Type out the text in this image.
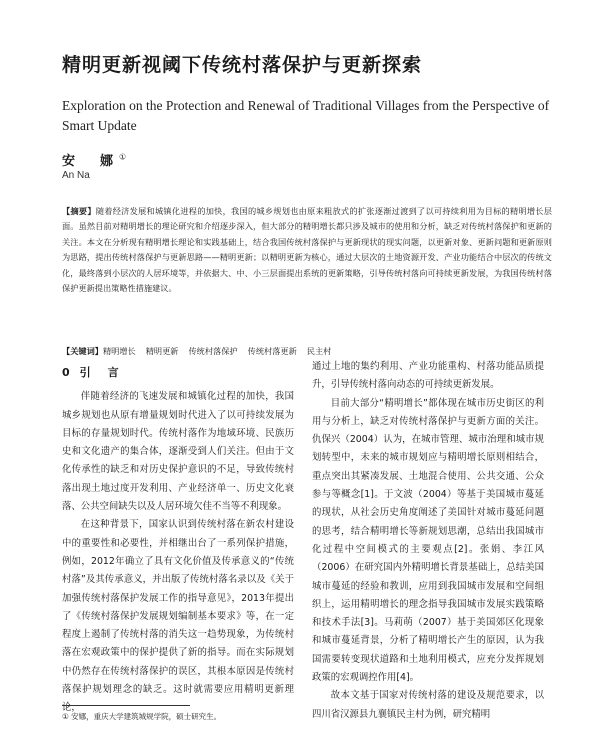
精明更新视阈下传统村落保护与更新探索

Exploration on the Protection and Renewal of Traditional Villages from the Perspective of Smart Update

安　娜①
An Na

【摘要】随着经济发展和城镇化进程的加快，我国的城乡规划也由原来粗放式的扩张逐渐过渡到了以可持续利用为目标的精明增长层面。虽然目前对精明增长的理论研究和介绍逐步深入，但大部分的精明增长都只涉及城市的使用和分析，缺乏对传统村落保护和更新的关注。本文在分析现有精明增长理论和实践基础上，结合我国传统村落保护与更新现状的现实问题，以更新对象、更新问题和更新原则为思路，提出传统村落保护与更新思路——精明更新；以精明更新为核心，通过大层次的土地资源开发、产业功能结合中层次的传统文化，最终落到小层次的人居环境等，并依据大、中、小三层面提出系统的更新策略，引导传统村落向可持续更新发展，为我国传统村落保护更新提出策略性措施建议。

【关键词】精明增长 精明更新 传统村落保护 传统村落更新 民主村

0 引　言

伴随着经济的飞速发展和城镇化过程的加快，我国城乡规划也从原有增量规划时代进入了以可持续发展为目标的存量规划时代。传统村落作为地域环境、民族历史和文化遗产的集合体，逐渐受到人们关注。但由于文化传承性的缺乏和对历史保护意识的不足，导致传统村落出现土地过度开发利用、产业经济单一、历史文化衰落、公共空间缺失以及人居环境欠佳不当等不利现象。

在这种背景下，国家认识到传统村落在新农村建设中的重要性和必要性，并相继出台了一系列保护措施，例如，2012年确立了具有文化价值及传承意义的“传统村落”及其传承意义，并出版了传统村落名录以及《关于加强传统村落保护发展工作的指导意见》，2013年提出了《传统村落保护发展规划编制基本要求》等，在一定程度上遏制了传统村落的消失这一趋势现象，为传统村落在宏观政策中的保护提供了新的指导。而在实际规划中仍然存在传统村落保护的误区，其根本原因是传统村落保护规划理念的缺乏。这时就需要应用精明更新理论，

通过上地的集约利用、产业功能重构、村落功能品质提升，引导传统村落向动态的可持续更新发展。

目前大部分“精明增长”都体现在城市历史街区的利用与分析上，缺乏对传统村落保护与更新方面的关注。仇保兴（2004）认为，在城市管理、城市治理和城市规划转型中，未来的城市规划应与精明增长原则相结合，重点突出其紧凑发展、土地混合使用、公共交通、公众参与等概念[1]。于文波（2004）等基于美国城市蔓延的现状，从社会历史角度阐述了美国针对城市蔓延问题的思考，结合精明增长等新规划思潮，总结出我国城市化过程中空间模式的主要观点[2]。张娟、李江风（2006）在研究国内外精明增长背景基础上，总结美国城市蔓延的经验和教训，应用到我国城市发展和空间组织上，运用精明增长的理念指导我国城市发展实践策略和技术手法[3]。马莉萌（2007）基于美国郊区化现象和城市蔓延背景，分析了精明增长产生的原因，认为我国需要转变现状道路和土地利用模式，应充分发挥规划政策的宏观调控作用[4]。

故本文基于国家对传统村落的建设及规范要求，以四川省汉源县九襄镇民主村为例，研究精明

① 安娜，重庆大学建筑城规学院，硕士研究生。
